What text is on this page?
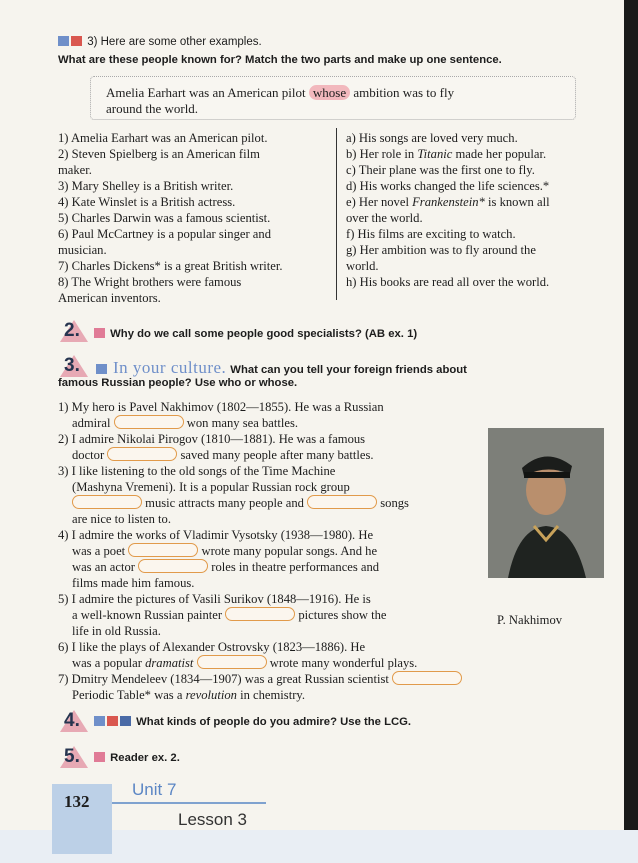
3) Here are some other examples.
What are these people known for? Match the two parts and make up one sentence.
Amelia Earhart was an American pilot whose ambition was to fly
around the world.
1) Amelia Earhart was an American pilot.
2) Steven Spielberg is an American film
maker.
3) Mary Shelley is a British writer.
4) Kate Winslet is a British actress.
5) Charles Darwin was a famous scientist.
6) Paul McCartney is a popular singer and
musician.
7) Charles Dickens* is a great British writer.
8) The Wright brothers were famous
American inventors.
a) His songs are loved very much.
b) Her role in Titanic made her popular.
c) Their plane was the first one to fly.
d) His works changed the life sciences.*
e) Her novel Frankenstein* is known all
over the world.
f) His films are exciting to watch.
g) Her ambition was to fly around the
world.
h) His books are read all over the world.
2.	Why do we call some people good specialists? (AB ex. 1)
3.	In your culture. What can you tell your foreign friends about
famous Russian people? Use who or whose.
1) My hero is Pavel Nakhimov (1802—1855). He was a Russian
admiral	won many sea battles.
2) I admire Nikolai Pirogov (1810—1881). He was a famous
doctor	saved many people after many battles.
3) I like listening to the old songs of the Time Machine
(Mashyna Vremeni). It is a popular Russian rock group
music attracts many people and	songs
are nice to listen to.
4) I admire the works of Vladimir Vysotsky (1938—1980). He
was a poet	wrote many popular songs. And he
was an actor	roles in theatre performances and
films made him famous.
5) I admire the pictures of Vasili Surikov (1848—1916). He is
a well-known Russian painter	pictures show the
life in old Russia.
6) I like the plays of Alexander Ostrovsky (1823—1886). He
was a popular dramatist	wrote many wonderful plays.
7) Dmitry Mendeleev (1834—1907) was a great Russian scientist
Periodic Table* was a revolution in chemistry.
P. Nakhimov
4.	What kinds of people do you admire? Use the LCG.
5.	Reader ex. 2.
132
Unit 7
Lesson 3
